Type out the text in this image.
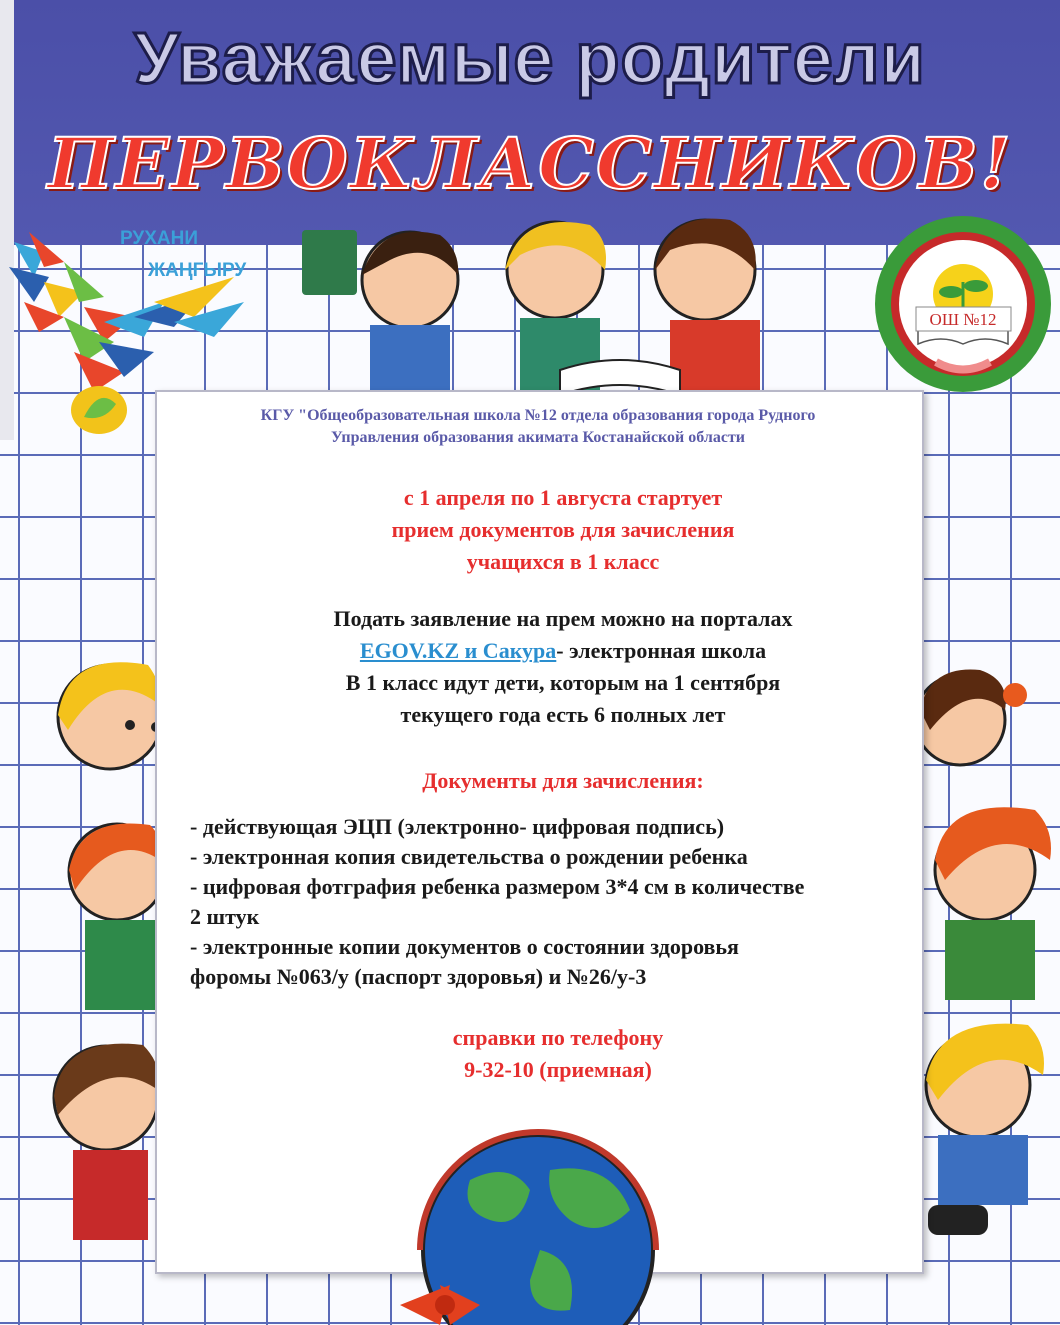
Уважаемые родители
ПЕРВОКЛАССНИКОВ!
РУХАНИ
ЖАҢҒЫРУ
ОШ №12
КГУ "Общеобразовательная школа №12 отдела образования города Рудного
Управления образования акимата Костанайской области
с 1 апреля по 1 августа стартует
прием документов для зачисления
учащихся в 1 класс
Подать заявление на прем можно на порталах
EGOV.KZ и Сакура- электронная школа
В 1 класс идут дети, которым на 1 сентября
текущего года есть 6 полных лет
Документы для зачисления:
- действующая ЭЦП (электронно- цифровая подпись)
- электронная копия свидетельства о рождении ребенка
- цифровая фотграфия ребенка размером 3*4 см в количестве
2 штук
- электронные копии документов о состоянии здоровья
форомы №063/у (паспорт здоровья) и №26/у-3
справки по телефону
9-32-10 (приемная)
